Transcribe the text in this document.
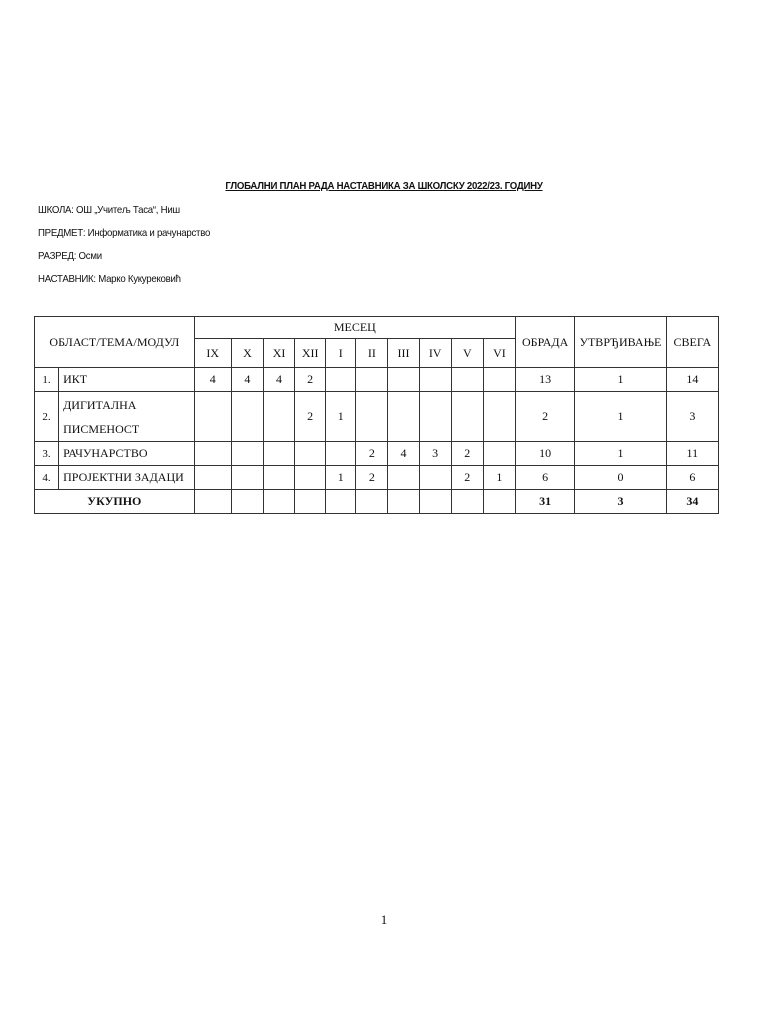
ГЛОБАЛНИ ПЛАН РАДА НАСТАВНИКА ЗА ШКОЛСКУ 2022/23. ГОДИНУ
ШКОЛА: ОШ „Учитељ Таса“, Ниш
ПРЕДМЕТ: Информатика и рачунарство
РАЗРЕД: Осми
НАСТАВНИК: Марко Кукурековић
ОБЛАСТ/ТЕМА/МОДУЛ		МЕСЕЦ										ОБРАДА	УТВРЂИВАЊЕ	СВЕГА
		IX	X	XI	XII	I	II	III	IV	V	VI			
1.	ИКТ	4	4	4	2							13	1	14
2.	ДИГИТАЛНА ПИСМЕНОСТ				2	1						2	1	3
3.	РАЧУНАРСТВО						2	4	3	2		10	1	11
4.	ПРОЈЕКТНИ ЗАДАЦИ					1	2			2	1	6	0	6
УКУПНО												31	3	34
1
